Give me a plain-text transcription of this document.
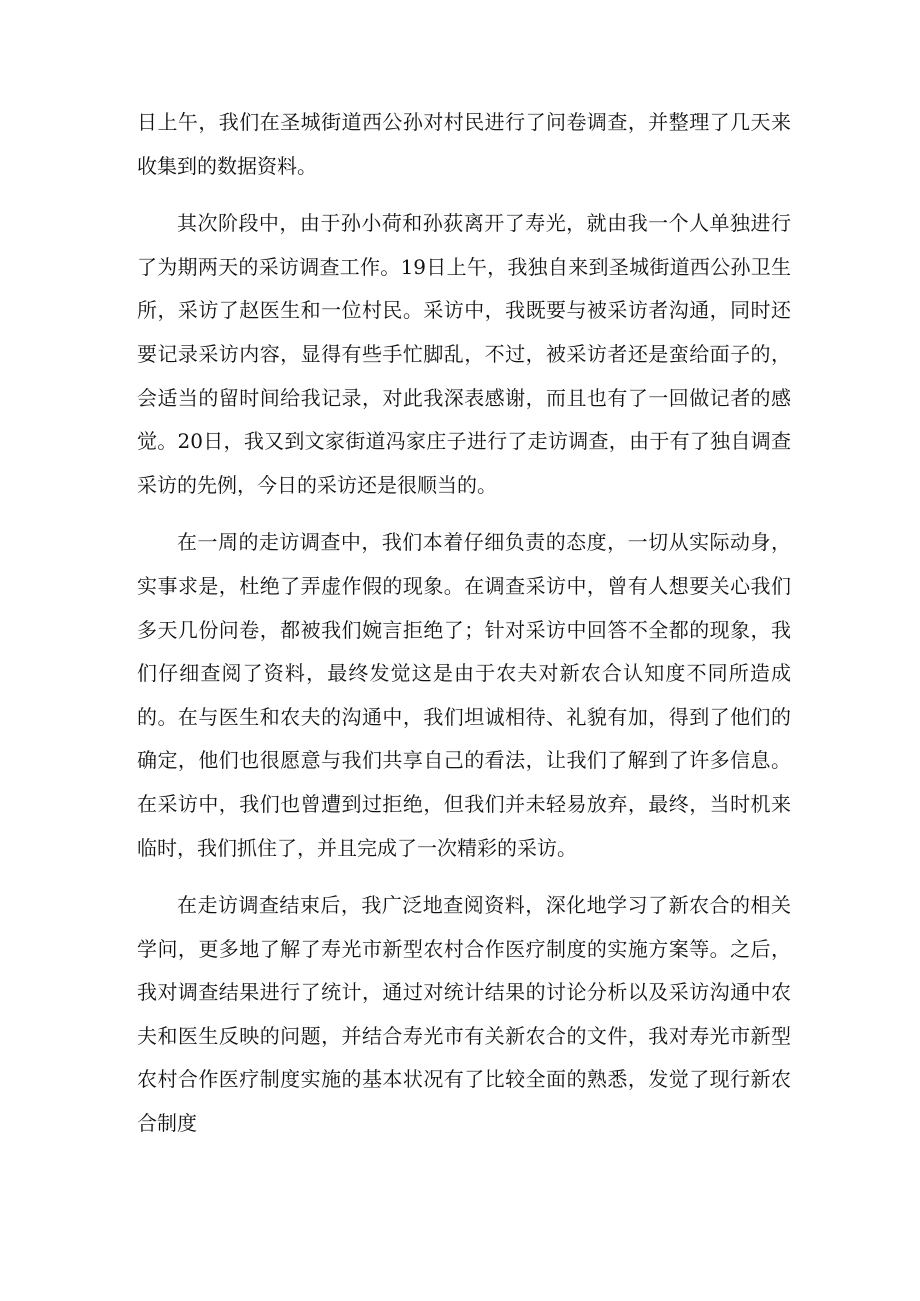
日上午，我们在圣城街道西公孙对村民进行了问卷调查，并整理了几天来收集到的数据资料。

其次阶段中，由于孙小荷和孙荻离开了寿光，就由我一个人单独进行了为期两天的采访调查工作。19日上午，我独自来到圣城街道西公孙卫生所，采访了赵医生和一位村民。采访中，我既要与被采访者沟通，同时还要记录采访内容，显得有些手忙脚乱，不过，被采访者还是蛮给面子的，会适当的留时间给我记录，对此我深表感谢，而且也有了一回做记者的感觉。20日，我又到文家街道冯家庄子进行了走访调查，由于有了独自调查采访的先例，今日的采访还是很顺当的。

在一周的走访调查中，我们本着仔细负责的态度，一切从实际动身，实事求是，杜绝了弄虚作假的现象。在调查采访中，曾有人想要关心我们多天几份问卷，都被我们婉言拒绝了；针对采访中回答不全都的现象，我们仔细查阅了资料，最终发觉这是由于农夫对新农合认知度不同所造成的。在与医生和农夫的沟通中，我们坦诚相待、礼貌有加，得到了他们的确定，他们也很愿意与我们共享自己的看法，让我们了解到了许多信息。在采访中，我们也曾遭到过拒绝，但我们并未轻易放弃，最终，当时机来临时，我们抓住了，并且完成了一次精彩的采访。

在走访调查结束后，我广泛地查阅资料，深化地学习了新农合的相关学问，更多地了解了寿光市新型农村合作医疗制度的实施方案等。之后，我对调查结果进行了统计，通过对统计结果的讨论分析以及采访沟通中农夫和医生反映的问题，并结合寿光市有关新农合的文件，我对寿光市新型农村合作医疗制度实施的基本状况有了比较全面的熟悉，发觉了现行新农合制度
